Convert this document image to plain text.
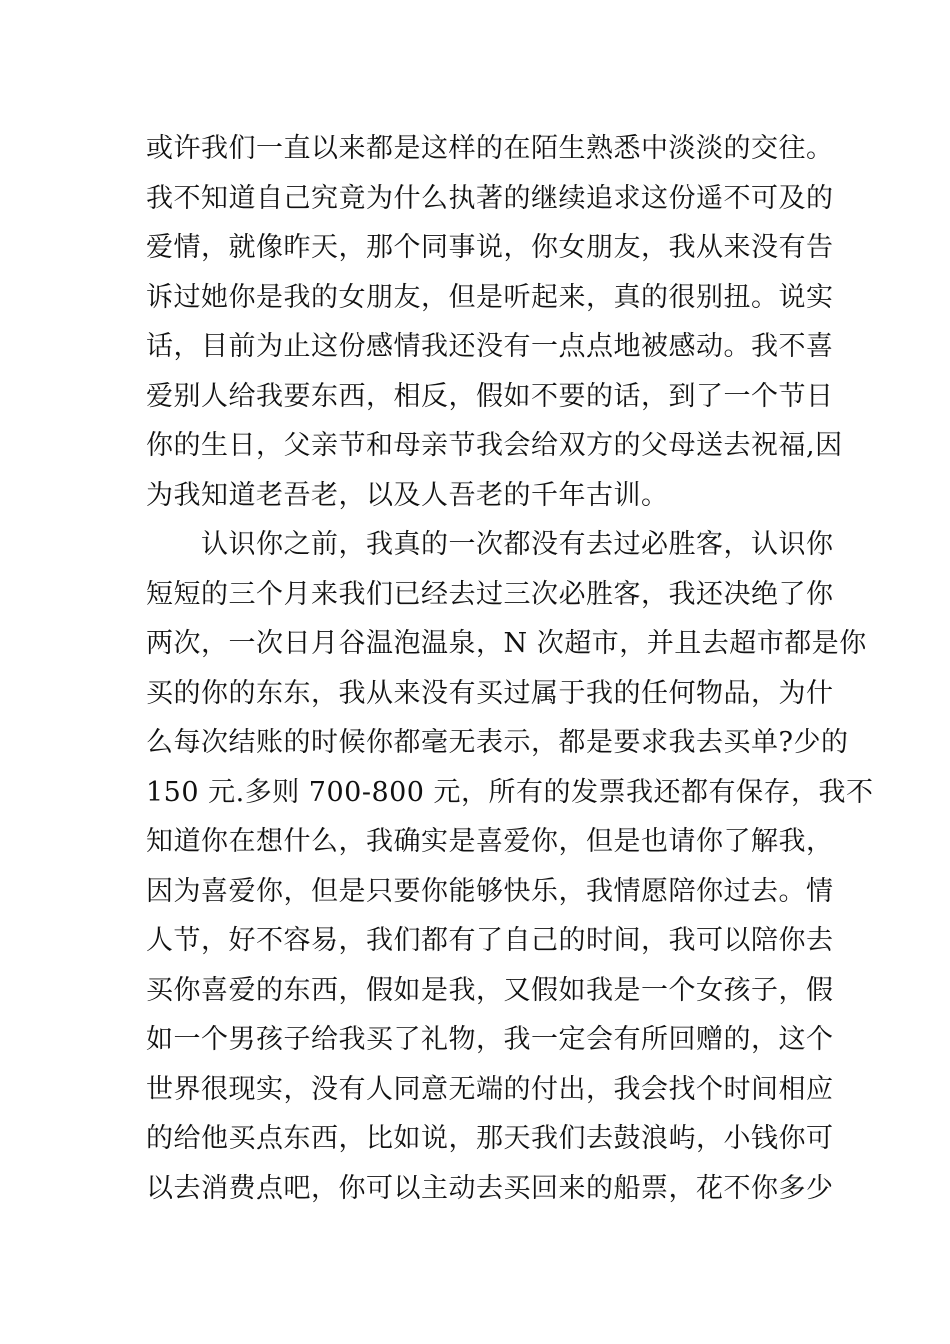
或许我们一直以来都是这样的在陌生熟悉中淡淡的交往。
我不知道自己究竟为什么执著的继续追求这份遥不可及的
爱情，就像昨天，那个同事说，你女朋友，我从来没有告
诉过她你是我的女朋友，但是听起来，真的很别扭。说实
话，目前为止这份感情我还没有一点点地被感动。我不喜
爱别人给我要东西，相反，假如不要的话，到了一个节日
你的生日，父亲节和母亲节我会给双方的父母送去祝福,因
为我知道老吾老，以及人吾老的千年古训。
　　认识你之前，我真的一次都没有去过必胜客，认识你
短短的三个月来我们已经去过三次必胜客，我还决绝了你
两次，一次日月谷温泡温泉，N 次超市，并且去超市都是你
买的你的东东，我从来没有买过属于我的任何物品，为什
么每次结账的时候你都毫无表示，都是要求我去买单?少的
150 元.多则 700-800 元，所有的发票我还都有保存，我不
知道你在想什么，我确实是喜爱你，但是也请你了解我，
因为喜爱你，但是只要你能够快乐，我情愿陪你过去。情
人节，好不容易，我们都有了自己的时间，我可以陪你去
买你喜爱的东西，假如是我，又假如我是一个女孩子，假
如一个男孩子给我买了礼物，我一定会有所回赠的，这个
世界很现实，没有人同意无端的付出，我会找个时间相应
的给他买点东西，比如说，那天我们去鼓浪屿，小钱你可
以去消费点吧，你可以主动去买回来的船票，花不你多少
